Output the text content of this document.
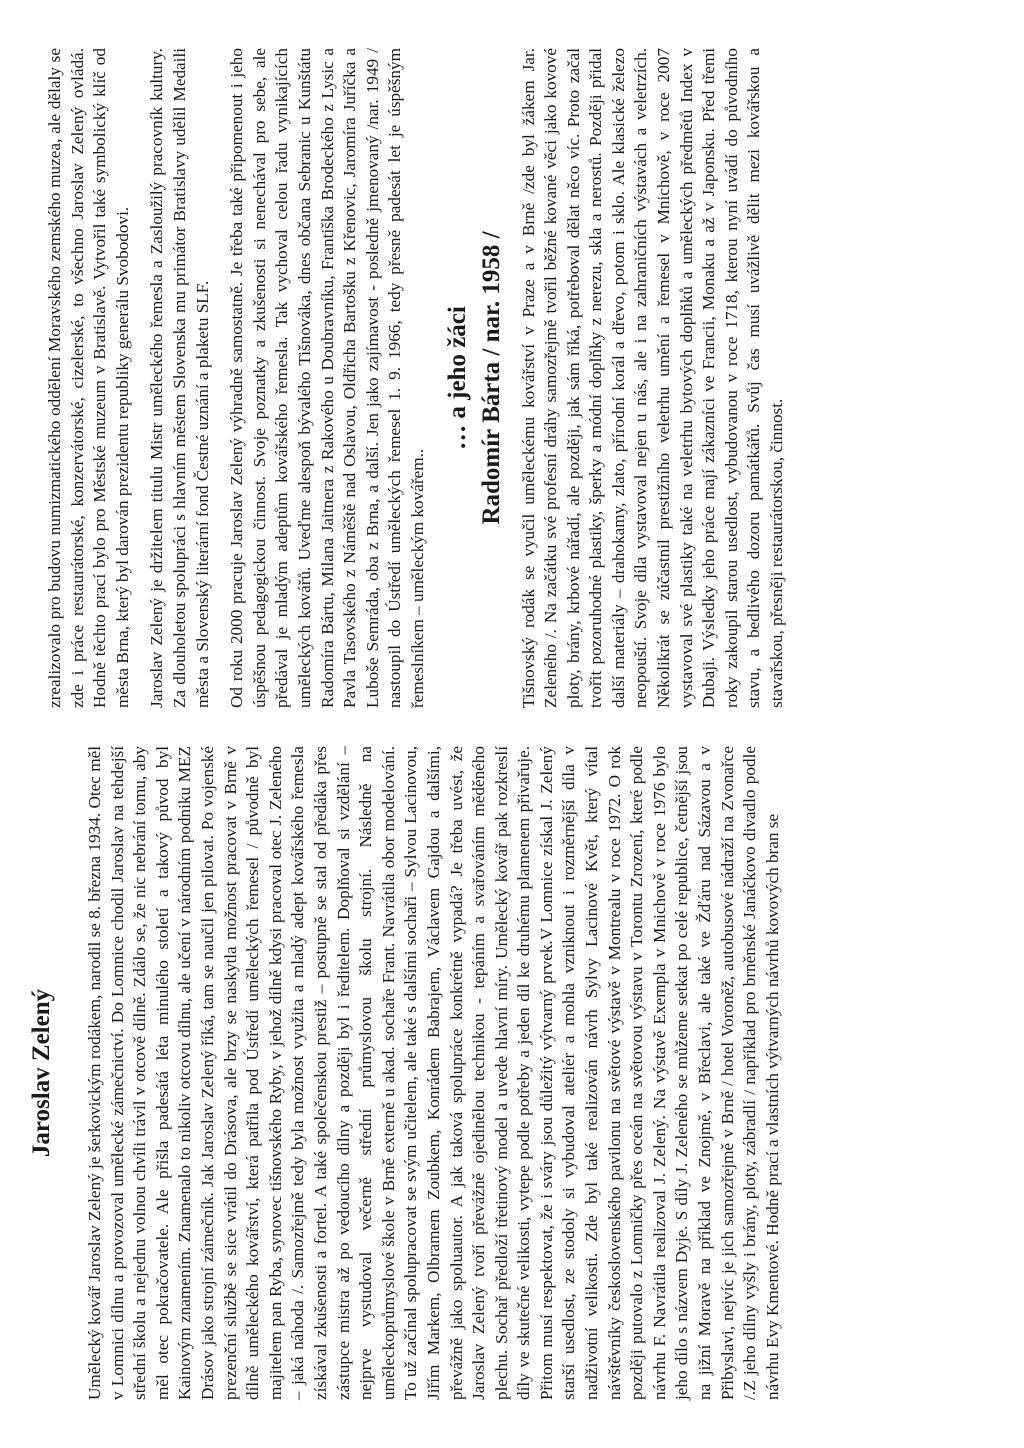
Jaroslav Zelený Umělecký kovář Jaroslav Zelený je šerkovickým rodákem, narodil se 8. března 1934. Otec měl v Lomnici dílnu a provozoval umělecké zámečnictví. Do Lomnice chodil Jaroslav na tehdejší střední školu a nejednu volnou chvíli trávil v otcově dílně. Zdálo se, že nic nebrání tomu, aby měl otec pokračovatele. Ale přišla padesátá léta minulého století a takový původ byl Kainovým znamením. Znamenalo to nikoliv otcovu dílnu, ale učení v národním podniku MEZ Drásov jako strojní zámečník. Jak Jaroslav Zelený říká, tam se naučil jen pilovat. Po vojenské prezenční službě se sice vrátil do Drásova, ale brzy se naskytla možnost pracovat v Brně v dílně uměleckého kovářství, která patřila pod Ústředí uměleckých řemesel / původně byl majitelem pan Ryba, synovec tišnovského Ryby, v jehož dílně kdysi pracoval otec J. Zeleného – jaká náhoda /. Samozřejmě tedy byla možnost využita a mladý adept kovářského řemesla získával zkušenosti a fortel. A také společenskou prestiž – postupně se stal od předáka přes zástupce mistra až po vedoucího dílny a později byl i ředitelem. Doplňoval si vzdělání – nejprve vystudoval večerně střední průmyslovou školu strojní. Následně na uměleckoprůmyslové škole v Brně externě u akad. sochaře Frant. Navrátila obor modelování. To už začínal spolupracovat se svým učitelem, ale také s dalšími sochaři – Sylvou Lacinovou, Jiřím Markem, Olbramem Zoubkem, Konrádem Babrajem, Václavem Gajdou a dalšími, převážně jako spoluautor. A jak taková spolupráce konkrétně vypadá? Je třeba uvést, že Jaroslav Zelený tvoří převážně ojedinělou technikou - tepáním a svařováním měděného plechu. Sochař předloží třetinový model a uvede hlavní míry. Umělecký kovář pak rozkreslí díly ve skutečné velikosti, vytepe podle potřeby a jeden díl ke druhému plamenem přivařuje. Přitom musí respektovat, že i sváry jsou důležitý výtvarný prvek.V Lomnice získal J. Zelený starší usedlost, ze stodoly si vybudoval ateliér a mohla vzniknout i rozměrnější díla v nadživotní velikosti. Zde byl také realizován návrh Sylvy Lacinové Květ, který vítal návštěvníky československého pavilonu na světové výstavě v Montrealu v roce 1972. O rok později putovalo z Lomničky přes oceán na světovou výstavu v Torontu Zrození, které podle návrhu F. Navrátila realizoval J. Zelený. Na výstavě Exempla v Mnichově v roce 1976 bylo jeho dílo s názvem Dyje. S díly J. Zeleného se můžeme setkat po celé republice, četnější jsou na jižní Moravě na příklad ve Znojmě, v Břeclavi, ale také ve Žďáru nad Sázavou a v Přibyslavi, nejvíc je jich samozřejmě v Brně / hotel Voroněž, autobusové nádraží na Zvonařce /.Z jeho dílny vyšly i brány, ploty, zábradlí / například pro brněnské Janáčkovo divadlo podle návrhu Evy Kmentové. Hodně prací a vlastních výtvarných návrhů kovových bran se

zrealizovalo pro budovu numizmatického oddělení Moravského zemského muzea, ale dělaly se zde i práce restaurátorské, konzervátorské, cizelerské, to všechno Jaroslav Zelený ovládá. Hodně těchto prací bylo pro Městské muzeum v Bratislavě. Vytvořil také symbolický klíč od města Brna, který byl darován prezidentu republiky generálu Svobodovi. Jaroslav Zelený je držitelem titulu Mistr uměleckého řemesla a Zasloužilý pracovník kultury. Za dlouholetou spolupráci s hlavním městem Slovenska mu primátor Bratislavy udělil Medaili města a Slovenský literární fond Čestné uznání a plaketu SLF. Od roku 2000 pracuje Jaroslav Zelený výhradně samostatně. Je třeba také připomenout i jeho úspěšnou pedagogickou činnost. Svoje poznatky a zkušenosti si nenechával pro sebe, ale předával je mladým adeptům kovářského řemesla. Tak vychoval celou řadu vynikajících uměleckých kovářů. Uveďme alespoň bývalého Tišnováka, dnes občana Sebranic u Kunštátu Radomíra Bártu, Milana Jaitnera z Rakového u Doubravníku, Františka Brodeckého z Lysic a Pavla Tasovského z Náměště nad Oslavou, Oldřicha Bartošku z Křenovic, Jaromíra Juříčka a Luboše Semráda, oba z Brna, a další. Jen jako zajímavost - posledně jmenovaný /nar. 1949 / nastoupil do Ústředí uměleckých řemesel 1. 9. 1966, tedy přesně padesát let je úspěšným řemeslníkem – uměleckým kovářem..

… a jeho žáci Radomír Bárta / nar. 1958 / Tišnovský rodák se vyučil uměleckému kovářství v Praze a v Brně /zde byl žákem Jar. Zeleného /. Na začátku své profesní dráhy samozřejmě tvořil běžné kované věci jako kovové ploty, brány, krbové nářadí, ale později, jak sám říká, potřeboval dělat něco víc. Proto začal tvořit pozoruhodné plastiky, šperky a módní doplňky z nerezu, skla a nerostů. Později přidal další materiály – drahokamy, zlato, přírodní korál a dřevo, potom i sklo. Ale klasické železo neopouští. Svoje díla vystavoval nejen u nás, ale i na zahraničních výstavách a veletrzích. Několikrát se zúčastnil prestižního veletrhu umění a řemesel v Mnichově, v roce 2007 vystavoval své plastiky také na veletrhu bytových doplňků a uměleckých předmětů Index v Dubaji. Výsledky jeho práce mají zákazníci ve Francii, Monaku a až v Japonsku. Před třemi roky zakoupil starou usedlost, vybudovanou v roce 1718, kterou nyní uvádí do původního stavu, a bedlivého dozoru památkářů. Svůj čas musí uvážlivě dělit mezi kovářskou a stavařskou, přesněji restaurátorskou, činnost.
